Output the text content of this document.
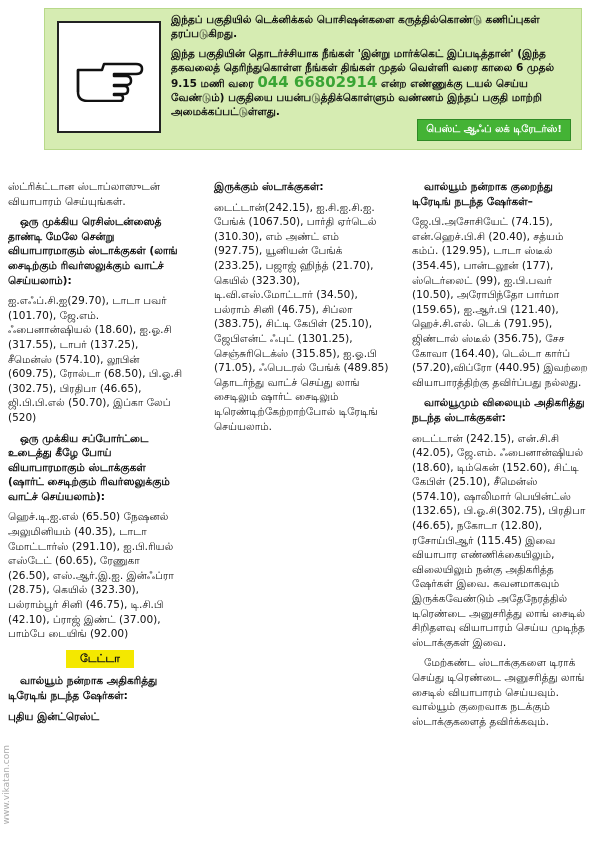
இந்தப் பகுதியில் டெக்னிக்கல் பொசிஷன்களை கருத்தில்கொண்டு கணிப்புகள் தரப்படுகிறது.

இந்த பகுதியின் தொடர்ச்சியாக நீங்கள் 'இன்று மார்க்கெட் இப்படித்தான்' (இந்த தகவலைத் தெரிந்துகொள்ள நீங்கள் திங்கள் முதல் வெள்ளி வரை காலை 6 முதல் 9.15 மணி வரை 044 66802914 என்ற எண்ணுக்கு டயல் செய்ய வேண்டும்) பகுதியை பயன்படுத்திக்கொள்ளும் வண்ணம் இந்தப் பகுதி மாற்றி அமைக்கப்பட்டுள்ளது.

பெஸ்ட் ஆஃப் லக் டிரேடர்ஸ்!

ஸ்ட்ரிக்ட்டான ஸ்டாப்லாஸுடன் வியாபாரம் செய்யுங்கள்.

ஒரு முக்கிய ரெசிஸ்டன்ஸைத் தாண்டி மேலே சென்று வியாபாரமாகும் ஸ்டாக்குகள் (லாங் சைடிற்கும் ரிவர்ஸலுக்கும் வாட்ச் செய்யலாம்):

ஐ.எஃப்.சி.ஐ(29.70), டாடா பவர் (101.70), ஜே.எம். ஃபைனான்ஷியல் (18.60), ஐ.ஓ.சி (317.55), டாபர் (137.25), சீமென்ஸ் (574.10), லூபின் (609.75), ரோல்டா (68.50), பி.ஓ.சி (302.75), பிரதிபா (46.65), ஜி.பி.பி.எல் (50.70), இப்கா லேப் (520)

ஒரு முக்கிய சப்போர்ட்டை உடைத்து கீழே போய் வியாபாரமாகும் ஸ்டாக்குகள் (ஷார்ட் சைடிற்கும் ரிவர்ஸலுக்கும் வாட்ச் செய்யலாம்):

ஹெச்.டி.ஐ.எல் (65.50) நேஷனல் அலுமினியம் (40.35), டாடா மோட்டார்ஸ் (291.10), ஐ.பி.ரியல் எஸ்டேட் (60.65), ரேணுகா (26.50), எஸ்.ஆர்.இ.ஐ. இன்ஃப்ரா (28.75), கெயில் (323.30), பல்ராம்பூர் சினி (46.75), டி.சி.பி (42.10), ப்ராஜ் இண்ட் (37.00), பாம்பே டையிங் (92.00)

டேட்டா

வால்யூம் நன்றாக அதிகரித்து டிரேடிங் நடந்த ஷேர்கள்:

புதிய இன்ட்ரெஸ்ட்

இருக்கும் ஸ்டாக்குகள்:

டைட்டான்(242.15), ஐ.சி.ஐ.சி.ஐ. பேங்க் (1067.50), பார்தி ஏர்டெல் (310.30), எம் அண்ட் எம் (927.75), யூனியன் பேங்க் (233.25), பஜாஜ் ஹிந்த் (21.70), கெயில் (323.30), டி.வி.எஸ்.மோட்டார் (34.50), பல்ராம் சினி (46.75), சிப்லா (383.75), சிட்டி கேபிள் (25.10), ஜேபிஎன்ட் ஃபுட் (1301.25), செஞ்சுரிடெக்ஸ் (315.85), ஐ.ஓ.பி (71.05), ஃபெடரல் பேங்க் (489.85) தொடர்ந்து வாட்ச் செய்து லாங் சைடிலும் ஷார்ட் சைடிலும் டிரெண்டிற்கேற்றாற்போல் டிரேடிங் செய்யலாம்.

வால்யூம் நன்றாக குறைந்து டிரேடிங் நடந்த ஷேர்கள்–

ஜே.பி.அசோசியேட் (74.15), என்.ஹெச்.பி.சி (20.40), சத்யம் கம்ப். (129.95), டாடா ஸ்டீல் (354.45), பான்டலூன் (177), ஸ்டெர்லைட் (99), ஐ.பி.பவர் (10.50), அரோபிந்தோ பார்மா (159.65), ஐ.ஆர்.பி (121.40), ஹெச்.சி.எல். டெக் (791.95), ஜிண்டால் ஸ்டீல் (356.75), சேச கோவா (164.40), டெல்டா கார்ப் (57.20),விப்ரோ (440.95) இவற்றை வியாபாரத்திற்கு தவிர்ப்பது நல்லது.

வால்யூமும் விலையும் அதிகரித்து நடந்த ஸ்டாக்குகள்:

டைட்டான் (242.15), என்.சி.சி (42.05), ஜே.எம். ஃபைனான்ஷியல் (18.60), டிம்கென் (152.60), சிட்டி கேபிள் (25.10), சீமென்ஸ் (574.10), ஷாலிமார் பெயின்ட்ஸ் (132.65), பி.ஓ.சி(302.75), பிரதிபா (46.65), நகோடா (12.80), ரசோய்பிஆர் (115.45) இவை வியாபார எண்ணிக்கையிலும், விலையிலும் நன்கு அதிகரித்த ஷேர்கள் இவை. கவனமாகவும் இருக்கவேண்டும் அதேநேரத்தில் டிரெண்டை அனுசரித்து லாங் சைடில் சிறிதளவு வியாபாரம் செய்ய முடிந்த ஸ்டாக்குகள் இவை.

மேற்கண்ட ஸ்டாக்குகளை டிராக் செய்து டிரெண்டை அனுசரித்து லாங் சைடில் வியாபாரம் செய்யவும். வால்யூம் குறைவாக நடக்கும் ஸ்டாக்குகளைத் தவிர்க்கவும்.

www.vikatan.com
